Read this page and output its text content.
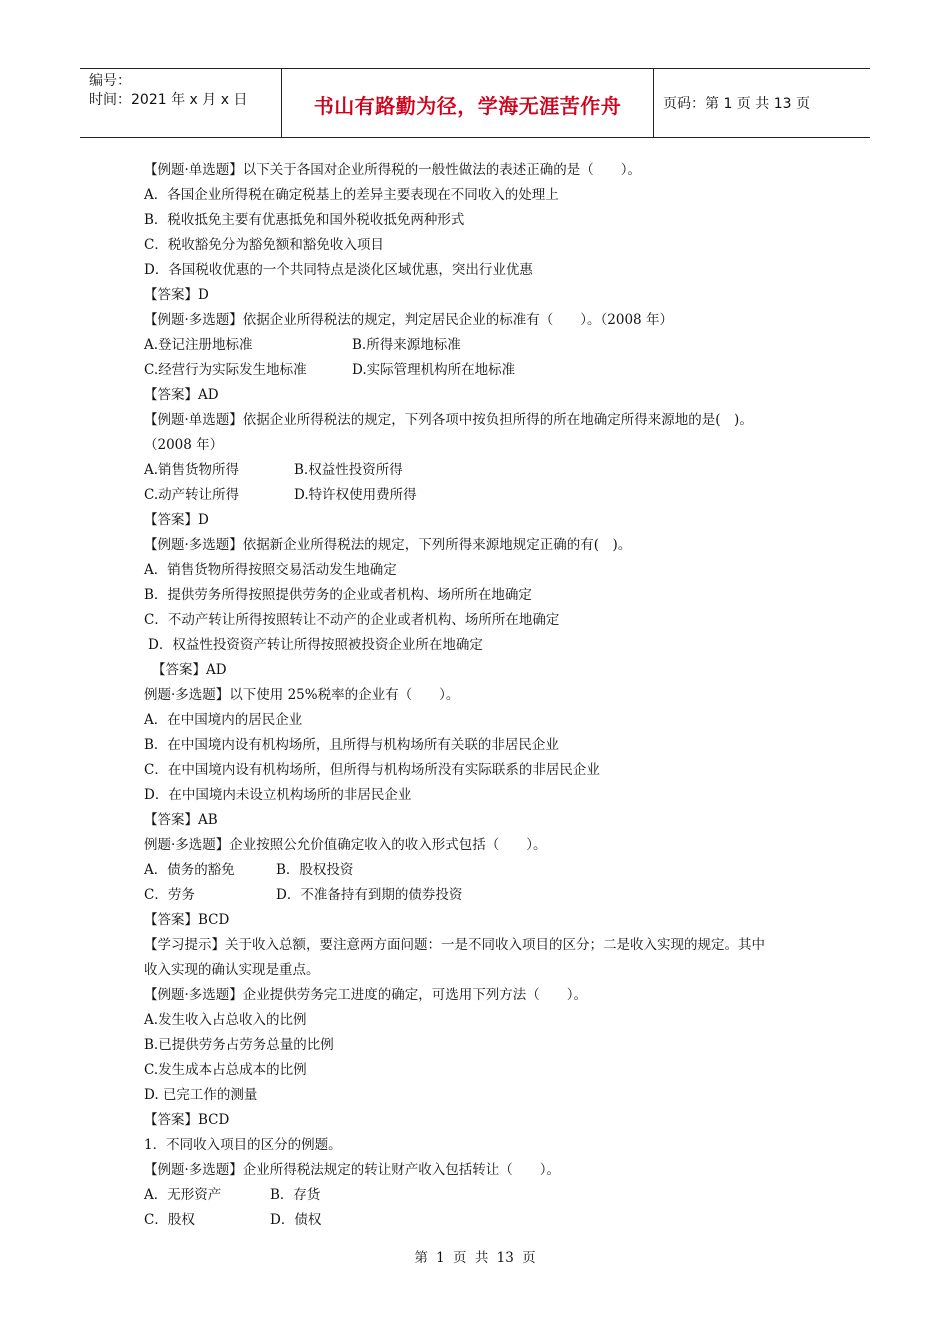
编号：
时间：2021 年 x 月 x 日	书山有路勤为径，学海无涯苦作舟	页码：第 1 页 共 13 页
【例题·单选题】以下关于各国对企业所得税的一般性做法的表述正确的是（　　）。
A．各国企业所得税在确定税基上的差异主要表现在不同收入的处理上
B．税收抵免主要有优惠抵免和国外税收抵免两种形式
C．税收豁免分为豁免额和豁免收入项目
D．各国税收优惠的一个共同特点是淡化区域优惠，突出行业优惠
【答案】D
【例题·多选题】依据企业所得税法的规定，判定居民企业的标准有（　　）。（2008 年）
A.登记注册地标准	B.所得来源地标准
C.经营行为实际发生地标准	D.实际管理机构所在地标准
【答案】AD
【例题·单选题】依据企业所得税法的规定，下列各项中按负担所得的所在地确定所得来源地的是(　)。
（2008 年）
A.销售货物所得	B.权益性投资所得
C.动产转让所得	D.特许权使用费所得
【答案】D
【例题·多选题】依据新企业所得税法的规定，下列所得来源地规定正确的有(　)。
A．销售货物所得按照交易活动发生地确定
B．提供劳务所得按照提供劳务的企业或者机构、场所所在地确定
C．不动产转让所得按照转让不动产的企业或者机构、场所所在地确定
D．权益性投资资产转让所得按照被投资企业所在地确定
【答案】AD
例题·多选题】以下使用 25%税率的企业有（　　）。
A．在中国境内的居民企业
B．在中国境内设有机构场所，且所得与机构场所有关联的非居民企业
C．在中国境内设有机构场所，但所得与机构场所没有实际联系的非居民企业
D．在中国境内未设立机构场所的非居民企业
【答案】AB
例题·多选题】企业按照公允价值确定收入的收入形式包括（　　）。
A．债务的豁免	B．股权投资
C．劳务	D．不准备持有到期的债券投资
【答案】BCD
【学习提示】关于收入总额，要注意两方面问题：一是不同收入项目的区分；二是收入实现的规定。其中
收入实现的确认实现是重点。
【例题·多选题】企业提供劳务完工进度的确定，可选用下列方法（　　）。
A.发生收入占总收入的比例
B.已提供劳务占劳务总量的比例
C.发生成本占总成本的比例
D. 已完工作的测量
【答案】BCD
1．不同收入项目的区分的例题。
【例题·多选题】企业所得税法规定的转让财产收入包括转让（　　）。
A．无形资产	B．存货
C．股权	D．债权
第 1 页 共 13 页
